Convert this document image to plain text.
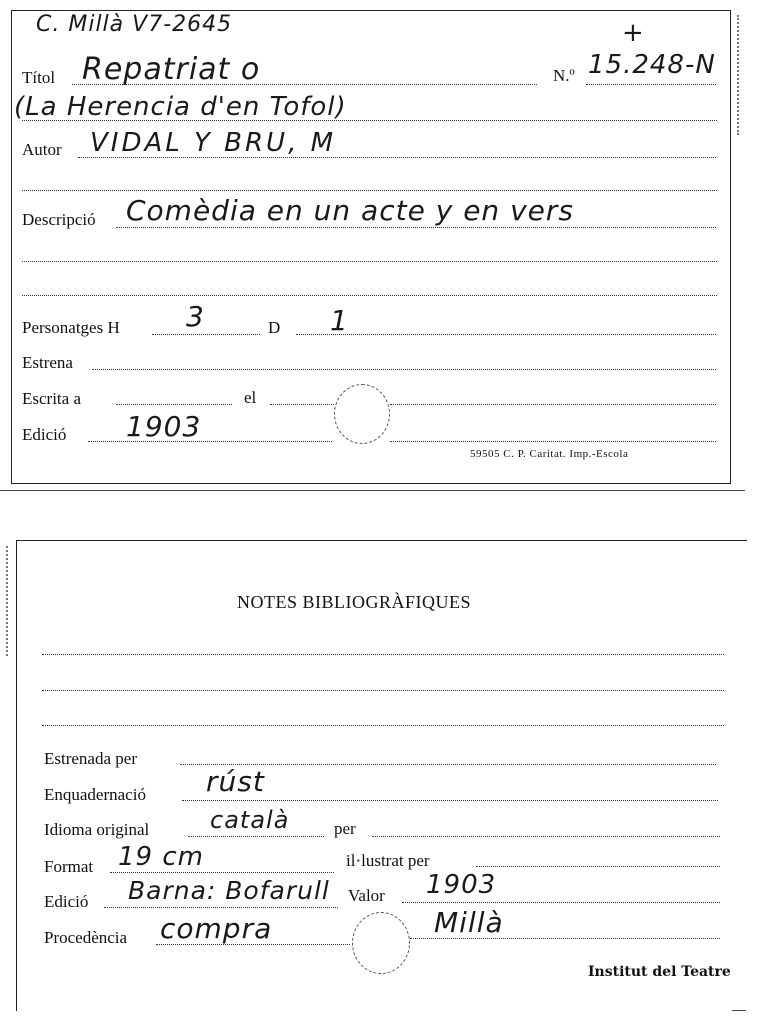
C. Millà V7-2645	+
Títol Repatriat o	N.º 15.248-N
(La Herencia d'en Tofol)
Autor VIDAL Y BRU, M
Descripció Comèdia en un acte y en vers
Personatges H 3	D 1
Estrena
Escrita a	el
Edició 1903
59505 C. P. Caritat. Imp.-Escola
NOTES BIBLIOGRÀFIQUES
Estrenada per
Enquadernació rúst
Idioma original	català	per
Format 19 cm	il·lustrat per
Edició Barna: Bofarull Valor 1903
Procedència compra	Millà
Institut del Teatre
